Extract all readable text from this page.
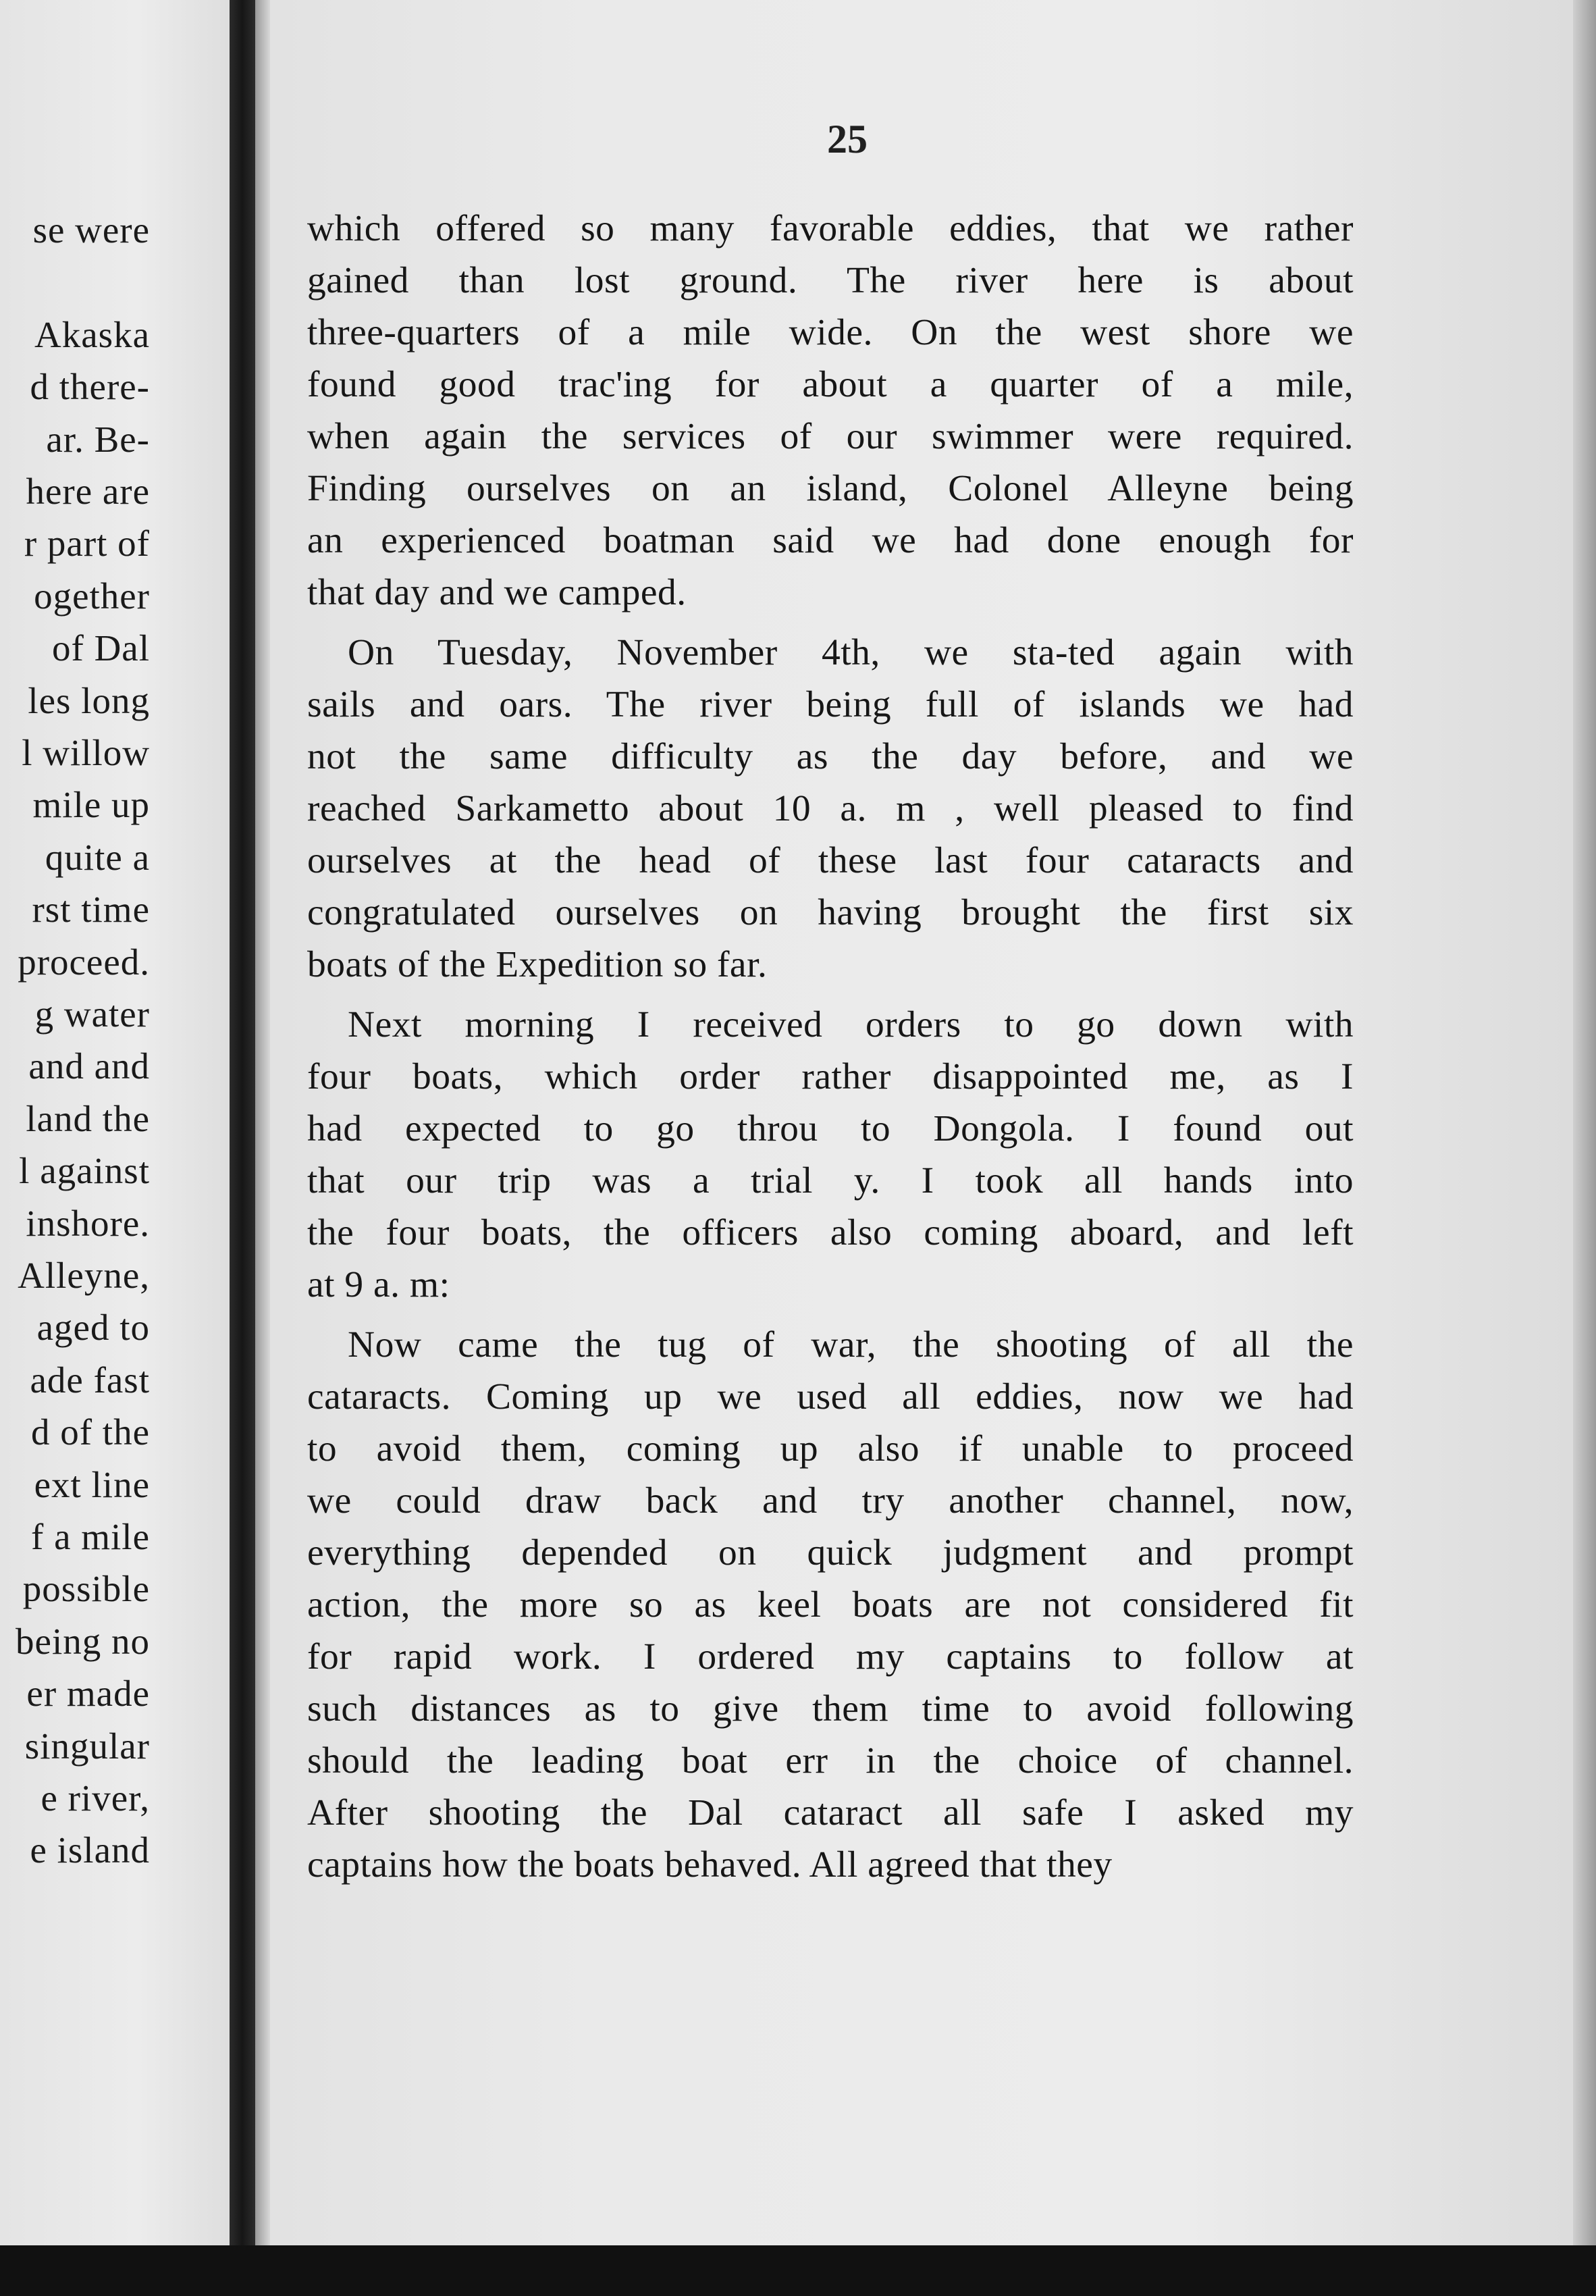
se were
Akaska
d there-
ar. Be-
here are
r part of
ogether
of Dal
les long
l willow
mile up
quite a
rst time
proceed.
g water
and and
land the
l against
inshore.
Alleyne,
aged to
ade fast
d of the
ext line
f a mile
possible
being no
er made
singular
e river,
e island
25
which offered so many favorable eddies, that we rather
gained than lost ground. The river here is about
three-quarters of a mile wide. On the west shore we
found good trac'ing for about a quarter of a mile,
when again the services of our swimmer were required.
Finding ourselves on an island, Colonel Alleyne being
an experienced boatman said we had done enough for
that day and we camped.
On Tuesday, November 4th, we sta-ted again with
sails and oars. The river being full of islands we had
not the same difficulty as the day before, and we
reached Sarkametto about 10 a. m , well pleased to find
ourselves at the head of these last four cataracts and
congratulated ourselves on having brought the first six
boats of the Expedition so far.
Next morning I received orders to go down with
four boats, which order rather disappointed me, as I
had expected to go throu to Dongola. I found out
that our trip was a trial y. I took all hands into
the four boats, the officers also coming aboard, and left
at 9 a. m:
Now came the tug of war, the shooting of all the
cataracts. Coming up we used all eddies, now we had
to avoid them, coming up also if unable to proceed
we could draw back and try another channel, now,
everything depended on quick judgment and prompt
action, the more so as keel boats are not considered fit
for rapid work. I ordered my captains to follow at
such distances as to give them time to avoid following
should the leading boat err in the choice of channel.
After shooting the Dal cataract all safe I asked my
captains how the boats behaved. All agreed that they
